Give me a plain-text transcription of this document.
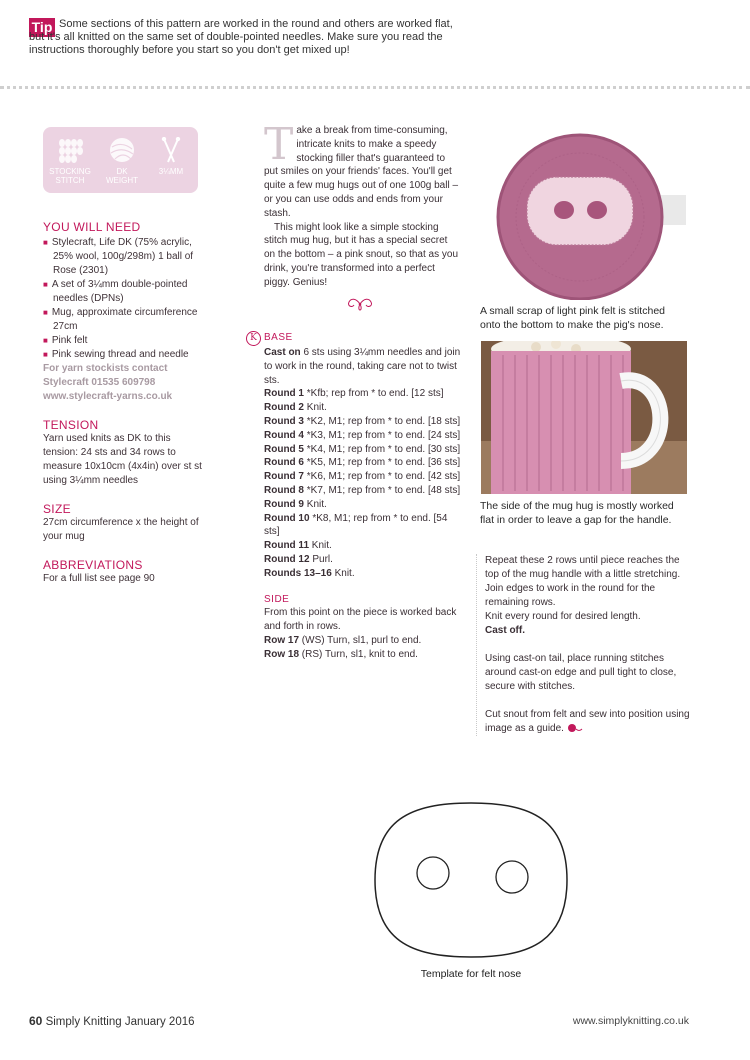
Tip Some sections of this pattern are worked in the round and others are worked flat, but it's all knitted on the same set of double-pointed needles. Make sure you read the instructions thoroughly before you start so you don't get mixed up!
STOCKING
STITCH
DK
WEIGHT
3¼MM
YOU WILL NEED
■ Stylecraft, Life DK (75% acrylic, 25% wool, 100g/298m) 1 ball of Rose (2301)
■ A set of 3¼mm double-pointed needles (DPNs)
■ Mug, approximate circumference 27cm
■ Pink felt
■ Pink sewing thread and needle
For yarn stockists contact
Stylecraft 01535 609798
www.stylecraft-yarns.co.uk
TENSION
Yarn used knits as DK to this tension: 24 sts and 34 rows to measure 10x10cm (4x4in) over st st using 3¼mm needles
SIZE
27cm circumference x the height of your mug
ABBREVIATIONS
For a full list see page 90
Take a break from time-consuming, intricate knits to make a speedy stocking filler that's guaranteed to put smiles on your friends' faces. You'll get quite a few mug hugs out of one 100g ball – or you can use odds and ends from your stash.
This might look like a simple stocking stitch mug hug, but it has a special secret on the bottom – a pink snout, so that as you drink, you're transformed into a perfect piggy. Genius!
K BASE
Cast on 6 sts using 3¼mm needles and join to work in the round, taking care not to twist sts.
Round 1 *Kfb; rep from * to end. [12 sts]
Round 2 Knit.
Round 3 *K2, M1; rep from * to end. [18 sts]
Round 4 *K3, M1; rep from * to end. [24 sts]
Round 5 *K4, M1; rep from * to end. [30 sts]
Round 6 *K5, M1; rep from * to end. [36 sts]
Round 7 *K6, M1; rep from * to end. [42 sts]
Round 8 *K7, M1; rep from * to end. [48 sts]
Round 9 Knit.
Round 10 *K8, M1; rep from * to end. [54 sts]
Round 11 Knit.
Round 12 Purl.
Rounds 13–16 Knit.
SIDE
From this point on the piece is worked back and forth in rows.
Row 17 (WS) Turn, sl1, purl to end.
Row 18 (RS) Turn, sl1, knit to end.
A small scrap of light pink felt is stitched onto the bottom to make the pig's nose.
The side of the mug hug is mostly worked flat in order to leave a gap for the handle.
Repeat these 2 rows until piece reaches the top of the mug handle with a little stretching.
Join edges to work in the round for the remaining rows.
Knit every round for desired length.
Cast off.
Using cast-on tail, place running stitches around cast-on edge and pull tight to close, secure with stitches.
Cut snout from felt and sew into position using image as a guide.
Template for felt nose
60 Simply Knitting January 2016	www.simplyknitting.co.uk
